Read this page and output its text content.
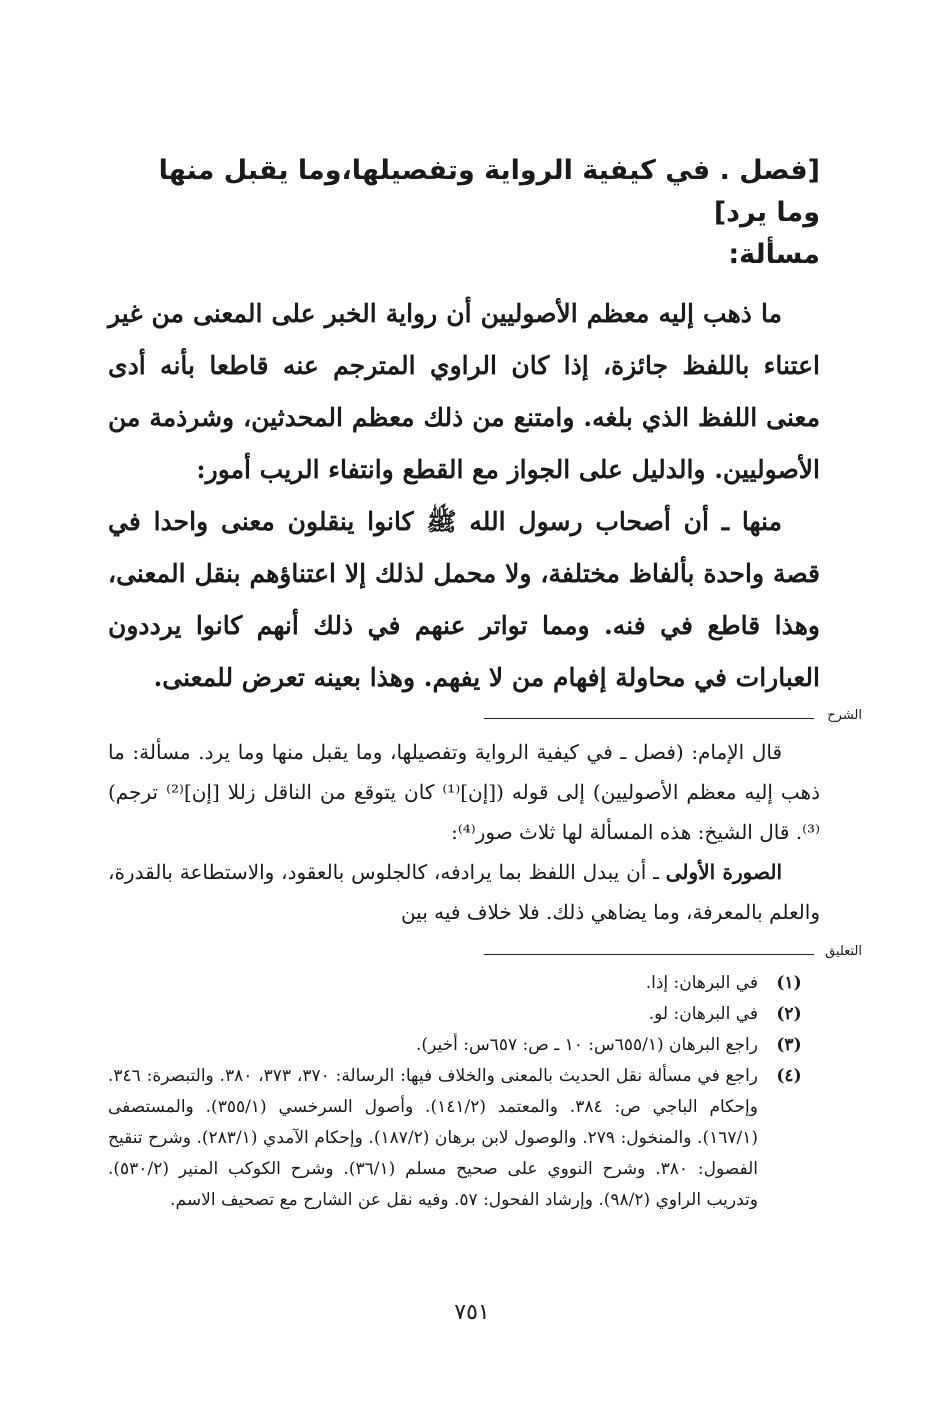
[فصل . في كيفية الرواية وتفصيلها،وما يقبل منها وما يرد]
مسألة:

ما ذهب إليه معظم الأصوليين أن رواية الخبر على المعنى من غير اعتناء باللفظ جائزة، إذا كان الراوي المترجم عنه قاطعا بأنه أدى معنى اللفظ الذي بلغه. وامتنع من ذلك معظم المحدثين، وشرذمة من الأصوليين. والدليل على الجواز مع القطع وانتفاء الريب أمور:

منها ـ أن أصحاب رسول الله ﷺ كانوا ينقلون معنى واحدا في قصة واحدة بألفاظ مختلفة، ولا محمل لذلك إلا اعتناؤهم بنقل المعنى، وهذا قاطع في فنه. ومما تواتر عنهم في ذلك أنهم كانوا يرددون العبارات في محاولة إفهام من لا يفهم. وهذا بعينه تعرض للمعنى.

الشرح

قال الإمام: (فصل ـ في كيفية الرواية وتفصيلها، وما يقبل منها وما يرد. مسألة: ما ذهب إليه معظم الأصوليين) إلى قوله ([إن]⁽¹⁾ كان يتوقع من الناقل زللا [إن]⁽²⁾ ترجم)⁽³⁾. قال الشيخ: هذه المسألة لها ثلاث صور⁽⁴⁾:

الصورة الأولى ـ أن يبدل اللفظ بما يرادفه، كالجلوس بالعقود، والاستطاعة بالقدرة، والعلم بالمعرفة، وما يضاهي ذلك. فلا خلاف فيه بين

التعليق
(١)
في البرهان: إذا.
(٢)
في البرهان: لو.
(٣)
راجع البرهان (٦٥٥/١س: ١٠ ـ ص: ٦٥٧س: أخير).
(٤)
راجع في مسألة نقل الحديث بالمعنى والخلاف فيها: الرسالة: ٣٧٠، ٣٧٣، ٣٨٠. والتبصرة: ٣٤٦. وإحكام الباجي ص: ٣٨٤. والمعتمد (١٤١/٢). وأصول السرخسي (٣٥٥/١). والمستصفى (١٦٧/١). والمنخول: ٢٧٩. والوصول لابن برهان (١٨٧/٢). وإحكام الآمدي (٢٨٣/١). وشرح تنقيح الفصول: ٣٨٠. وشرح النووي على صحيح مسلم (٣٦/١). وشرح الكوكب المنير (٥٣٠/٢). وتدريب الراوي (٩٨/٢). وإرشاد الفحول: ٥٧. وفيه نقل عن الشارح مع تصحيف الاسم.
٧٥١
